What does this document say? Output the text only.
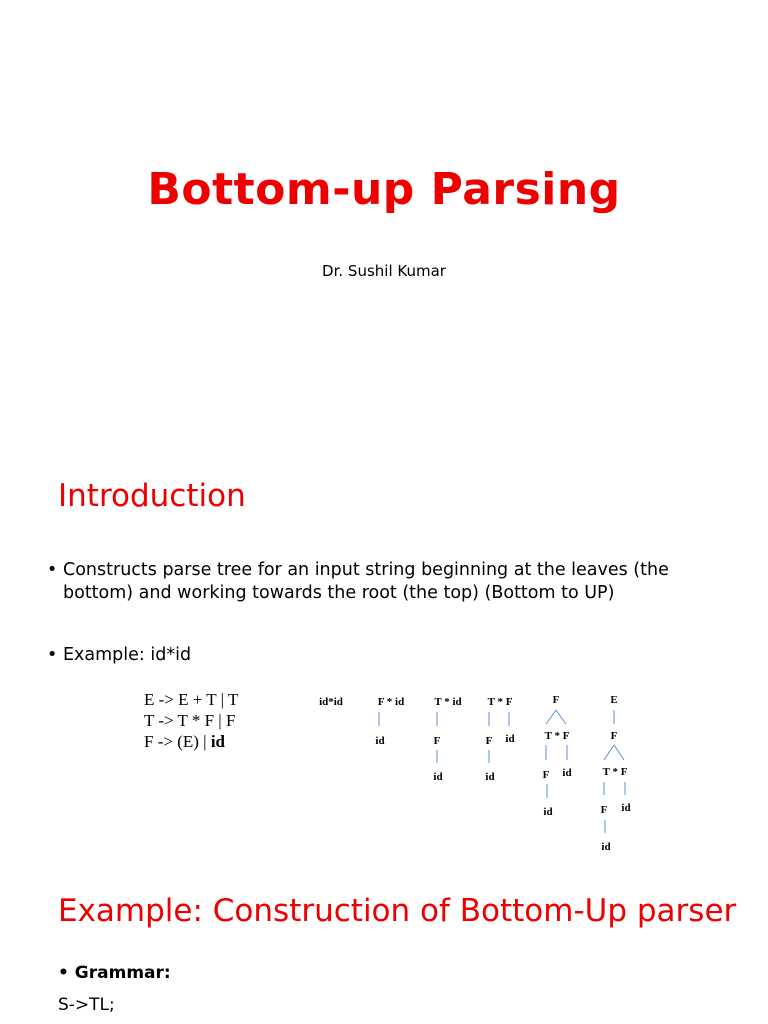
Bottom-up Parsing
Dr. Sushil Kumar
Introduction
• Constructs parse tree for an input string beginning at the leaves (the bottom) and working towards the root (the top) (Bottom to UP)
• Example: id*id
E -> E + T | T
T -> T * F | F
F -> (E) | id
id*id	F * id
id
T * id
F
id
T * F
F id
id
F
T * F
F id
id
E
F
T * F
F id
id
Example: Construction of Bottom-Up parser
• Grammar:
S->TL;
